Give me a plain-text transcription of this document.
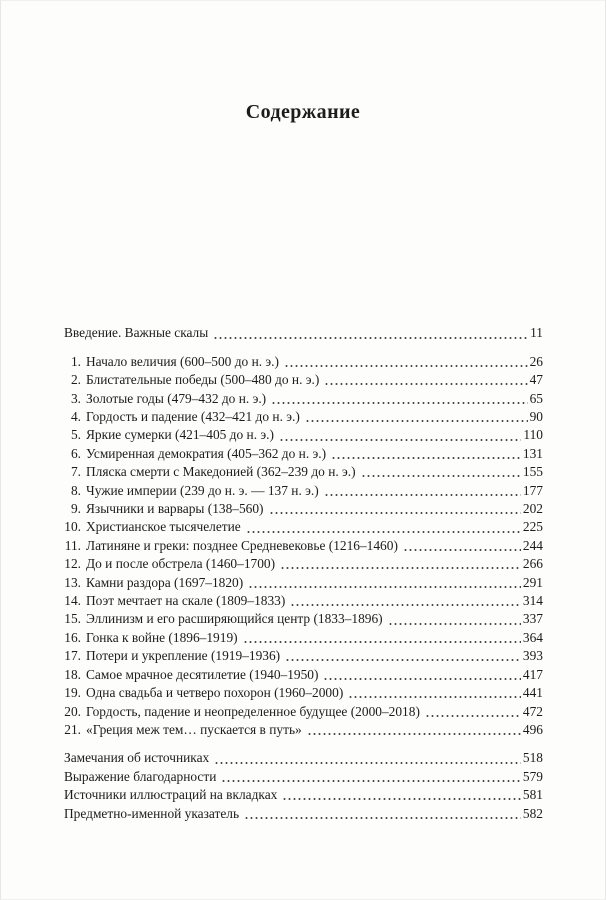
Содержание
Введение. Важные скалы	11
1. Начало величия (600–500 до н. э.)	26
2. Блистательные победы (500–480 до н. э.)	47
3. Золотые годы (479–432 до н. э.)	65
4. Гордость и падение (432–421 до н. э.)	90
5. Яркие сумерки (421–405 до н. э.)	110
6. Усмиренная демократия (405–362 до н. э.)	131
7. Пляска смерти с Македонией (362–239 до н. э.)	155
8. Чужие империи (239 до н. э. — 137 н. э.)	177
9. Язычники и варвары (138–560)	202
10. Христианское тысячелетие	225
11. Латиняне и греки: позднее Средневековье (1216–1460)	244
12. До и после обстрела (1460–1700)	266
13. Камни раздора (1697–1820)	291
14. Поэт мечтает на скале (1809–1833)	314
15. Эллинизм и его расширяющийся центр (1833–1896)	337
16. Гонка к войне (1896–1919)	364
17. Потери и укрепление (1919–1936)	393
18. Самое мрачное десятилетие (1940–1950)	417
19. Одна свадьба и четверо похорон (1960–2000)	441
20. Гордость, падение и неопределенное будущее (2000–2018)	472
21. «Греция меж тем… пускается в путь»	496
Замечания об источниках	518
Выражение благодарности	579
Источники иллюстраций на вкладках	581
Предметно-именной указатель	582
